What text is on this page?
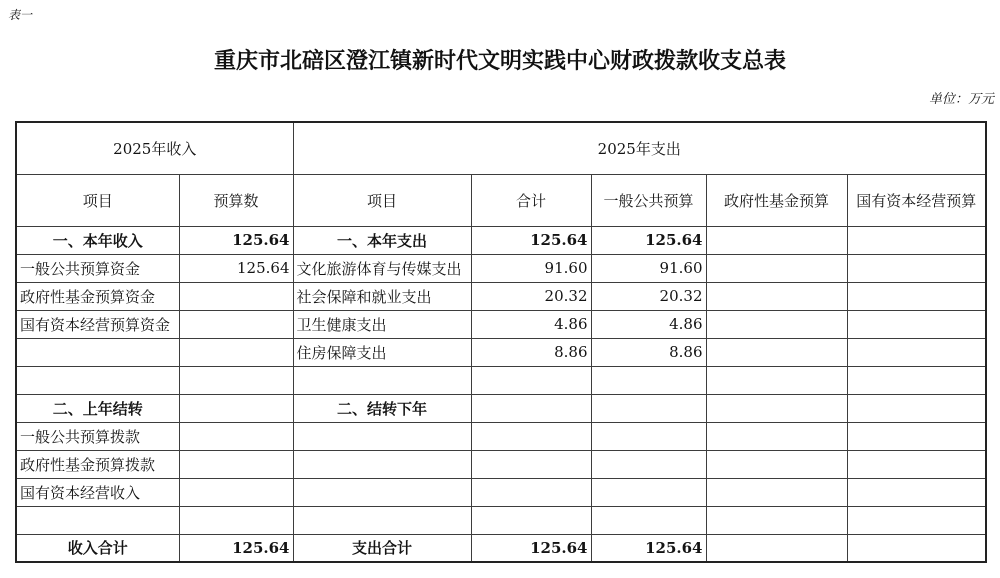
表一
重庆市北碚区澄江镇新时代文明实践中心财政拨款收支总表
单位：万元
2025年收入		2025年支出				
项目	预算数	项目	合计	一般公共预算	政府性基金预算	国有资本经营预算
一、本年收入	125.64	一、本年支出	125.64	125.64		
一般公共预算资金	125.64	文化旅游体育与传媒支出	91.60	91.60		
政府性基金预算资金		社会保障和就业支出	20.32	20.32		
国有资本经营预算资金		卫生健康支出	4.86	4.86		
		住房保障支出	8.86	8.86		

二、上年结转		二、结转下年				
一般公共预算拨款						
政府性基金预算拨款						
国有资本经营收入						

收入合计	125.64	支出合计	125.64	125.64		
